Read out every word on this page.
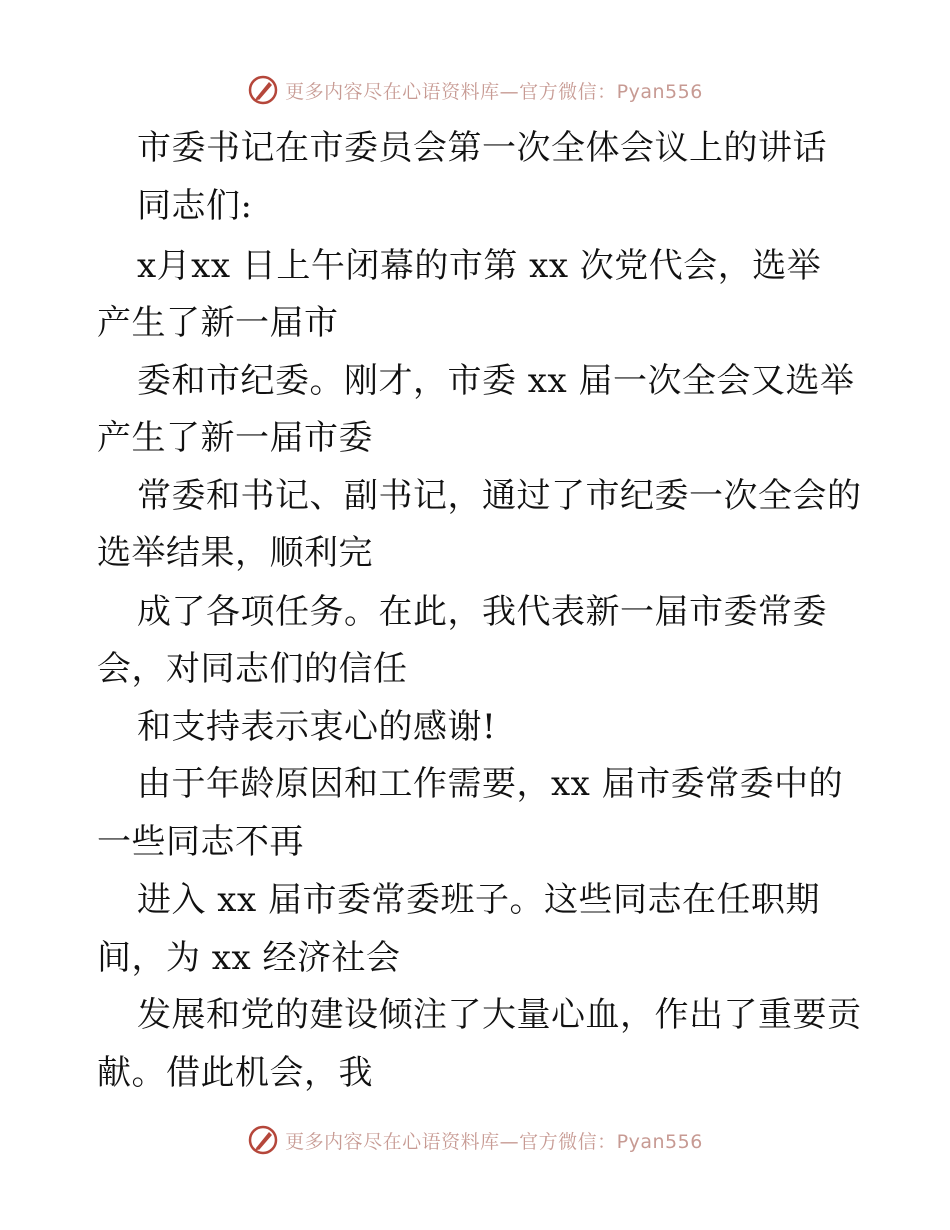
更多内容尽在心语资料库—官方微信：Pyan556
市委书记在市委员会第一次全体会议上的讲话
同志们:
x月xx 日上午闭幕的市第 xx 次党代会，选举
产生了新一届市
委和市纪委。刚才，市委 xx 届一次全会又选举
产生了新一届市委
常委和书记、副书记，通过了市纪委一次全会的
选举结果，顺利完
成了各项任务。在此，我代表新一届市委常委
会，对同志们的信任
和支持表示衷心的感谢!
由于年龄原因和工作需要，xx 届市委常委中的
一些同志不再
进入 xx 届市委常委班子。这些同志在任职期
间，为 xx 经济社会
发展和党的建设倾注了大量心血，作出了重要贡
献。借此机会，我
更多内容尽在心语资料库—官方微信：Pyan556
